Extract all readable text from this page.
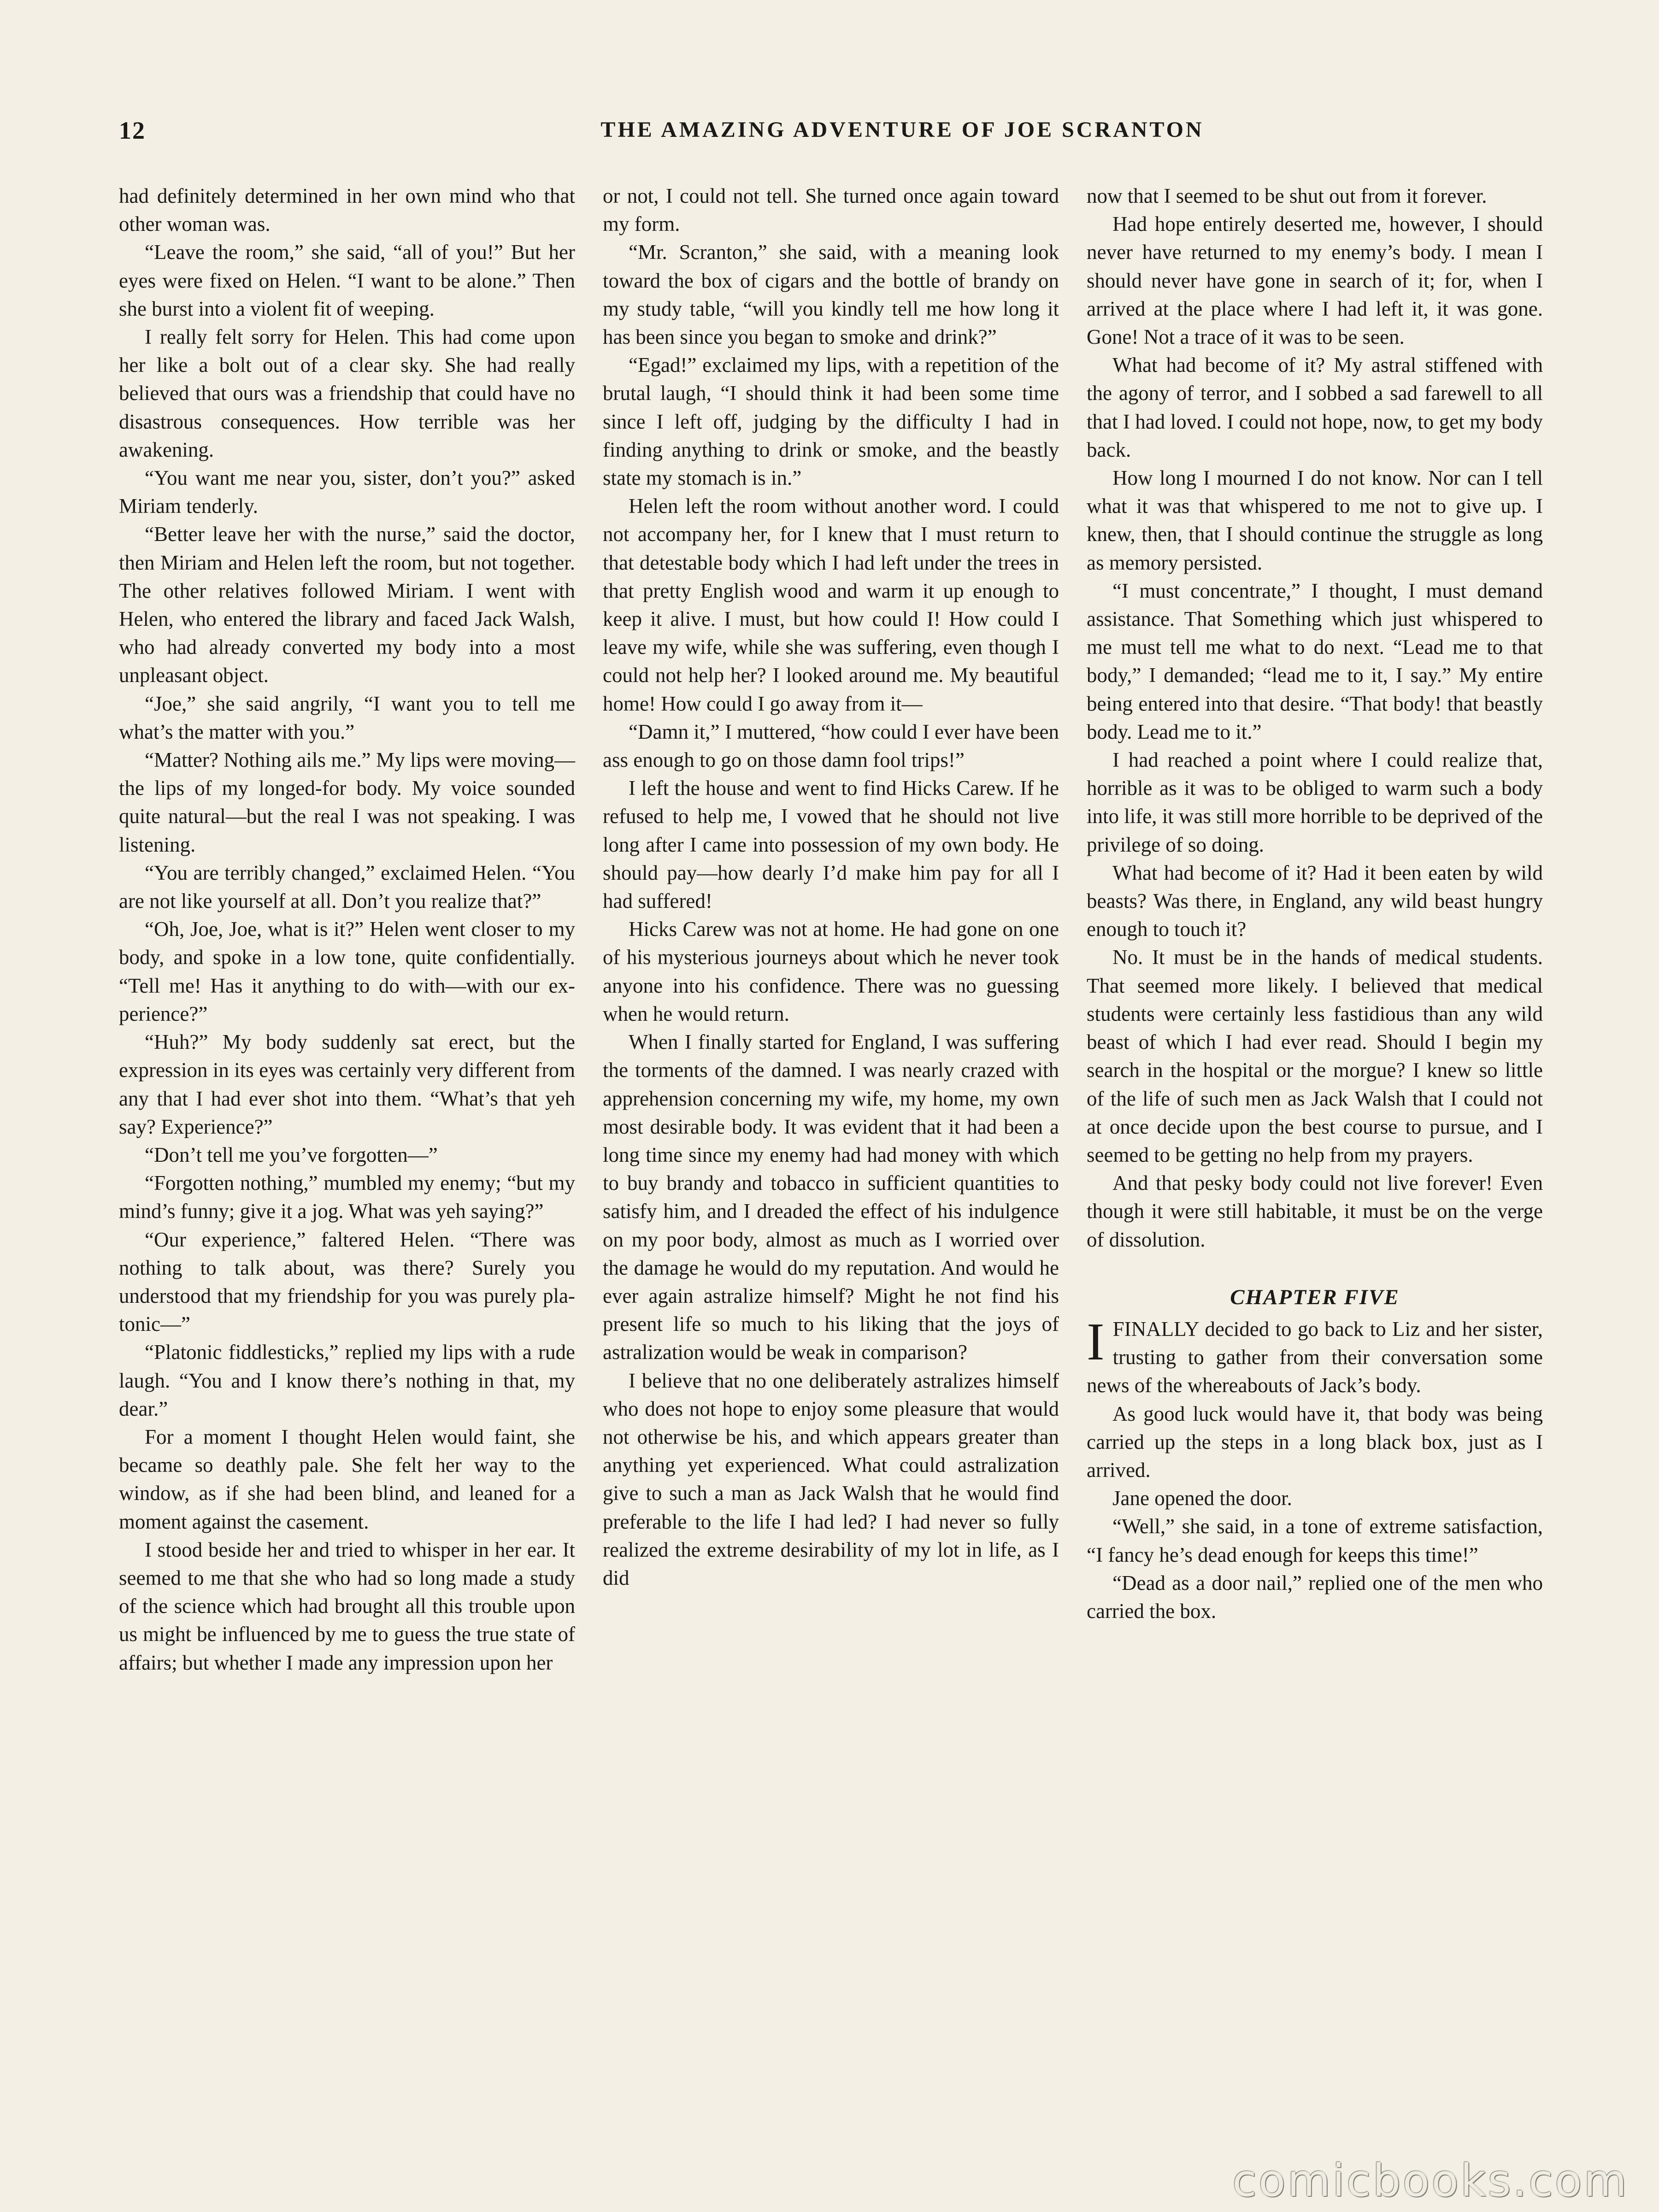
12	THE AMAZING ADVENTURE OF JOE SCRANTON

had definitely determined in her own mind who that other woman was.

“Leave the room,” she said, “all of you!” But her eyes were fixed on Helen. “I want to be alone.” Then she burst into a violent fit of weeping.

I really felt sorry for Helen. This had come upon her like a bolt out of a clear sky. She had really believed that ours was a friendship that could have no disastrous consequences. How terrible was her awakening.

“You want me near you, sister, don’t you?” asked Miriam tenderly.

“Better leave her with the nurse,” said the doctor, then Miriam and Helen left the room, but not together. The other relatives followed Miriam. I went with Helen, who entered the library and faced Jack Walsh, who had already converted my body into a most unpleasant object.

“Joe,” she said angrily, “I want you to tell me what’s the matter with you.”

“Matter? Nothing ails me.” My lips were moving—the lips of my longed-for body. My voice sounded quite natural—but the real I was not speaking. I was listening.

“You are terribly changed,” exclaimed Helen. “You are not like yourself at all. Don’t you realize that?”

“Oh, Joe, Joe, what is it?” Helen went closer to my body, and spoke in a low tone, quite confidentially. “Tell me! Has it anything to do with—with our experience?”

“Huh?” My body suddenly sat erect, but the expression in its eyes was certainly very different from any that I had ever shot into them. “What’s that yeh say? Experience?”

“Don’t tell me you’ve forgotten—”

“Forgotten nothing,” mumbled my enemy; “but my mind’s funny; give it a jog. What was yeh saying?”

“Our experience,” faltered Helen. “There was nothing to talk about, was there? Surely you understood that my friendship for you was purely platonic—”

“Platonic fiddlesticks,” replied my lips with a rude laugh. “You and I know there’s nothing in that, my dear.”

For a moment I thought Helen would faint, she became so deathly pale. She felt her way to the window, as if she had been blind, and leaned for a moment against the casement.

I stood beside her and tried to whisper in her ear. It seemed to me that she who had so long made a study of the science which had brought all this trouble upon us might be influenced by me to guess the true state of affairs; but whether I made any impression upon her

or not, I could not tell. She turned once again toward my form.

“Mr. Scranton,” she said, with a meaning look toward the box of cigars and the bottle of brandy on my study table, “will you kindly tell me how long it has been since you began to smoke and drink?”

“Egad!” exclaimed my lips, with a repetition of the brutal laugh, “I should think it had been some time since I left off, judging by the difficulty I had in finding anything to drink or smoke, and the beastly state my stomach is in.”

Helen left the room without another word. I could not accompany her, for I knew that I must return to that detestable body which I had left under the trees in that pretty English wood and warm it up enough to keep it alive. I must, but how could I! How could I leave my wife, while she was suffering, even though I could not help her? I looked around me. My beautiful home! How could I go away from it—

“Damn it,” I muttered, “how could I ever have been ass enough to go on those damn fool trips!”

I left the house and went to find Hicks Carew. If he refused to help me, I vowed that he should not live long after I came into possession of my own body. He should pay—how dearly I’d make him pay for all I had suffered!

Hicks Carew was not at home. He had gone on one of his mysterious journeys about which he never took anyone into his confidence. There was no guessing when he would return.

When I finally started for England, I was suffering the torments of the damned. I was nearly crazed with apprehension concerning my wife, my home, my own most desirable body. It was evident that it had been a long time since my enemy had had money with which to buy brandy and tobacco in sufficient quantities to satisfy him, and I dreaded the effect of his indulgence on my poor body, almost as much as I worried over the damage he would do my reputation. And would he ever again astralize himself? Might he not find his present life so much to his liking that the joys of astralization would be weak in comparison?

I believe that no one deliberately astralizes himself who does not hope to enjoy some pleasure that would not otherwise be his, and which appears greater than anything yet experienced. What could astralization give to such a man as Jack Walsh that he would find preferable to the life I had led? I had never so fully realized the extreme desirability of my lot in life, as I did

now that I seemed to be shut out from it forever.

Had hope entirely deserted me, however, I should never have returned to my enemy’s body. I mean I should never have gone in search of it; for, when I arrived at the place where I had left it, it was gone. Gone! Not a trace of it was to be seen.

What had become of it? My astral stiffened with the agony of terror, and I sobbed a sad farewell to all that I had loved. I could not hope, now, to get my body back.

How long I mourned I do not know. Nor can I tell what it was that whispered to me not to give up. I knew, then, that I should continue the struggle as long as memory persisted.

“I must concentrate,” I thought, I must demand assistance. That Something which just whispered to me must tell me what to do next. “Lead me to that body,” I demanded; “lead me to it, I say.” My entire being entered into that desire. “That body! that beastly body. Lead me to it.”

I had reached a point where I could realize that, horrible as it was to be obliged to warm such a body into life, it was still more horrible to be deprived of the privilege of so doing.

What had become of it? Had it been eaten by wild beasts? Was there, in England, any wild beast hungry enough to touch it?

No. It must be in the hands of medical students. That seemed more likely. I believed that medical students were certainly less fastidious than any wild beast of which I had ever read. Should I begin my search in the hospital or the morgue? I knew so little of the life of such men as Jack Walsh that I could not at once decide upon the best course to pursue, and I seemed to be getting no help from my prayers.

And that pesky body could not live forever! Even though it were still habitable, it must be on the verge of dissolution.

CHAPTER FIVE

IFINALLY decided to go back to Liz and her sister, trusting to gather from their conversation some news of the whereabouts of Jack’s body.

As good luck would have it, that body was being carried up the steps in a long black box, just as I arrived.

Jane opened the door.

“Well,” she said, in a tone of extreme satisfaction, “I fancy he’s dead enough for keeps this time!”

“Dead as a door nail,” replied one of the men who carried the box.

comicbooks.com
